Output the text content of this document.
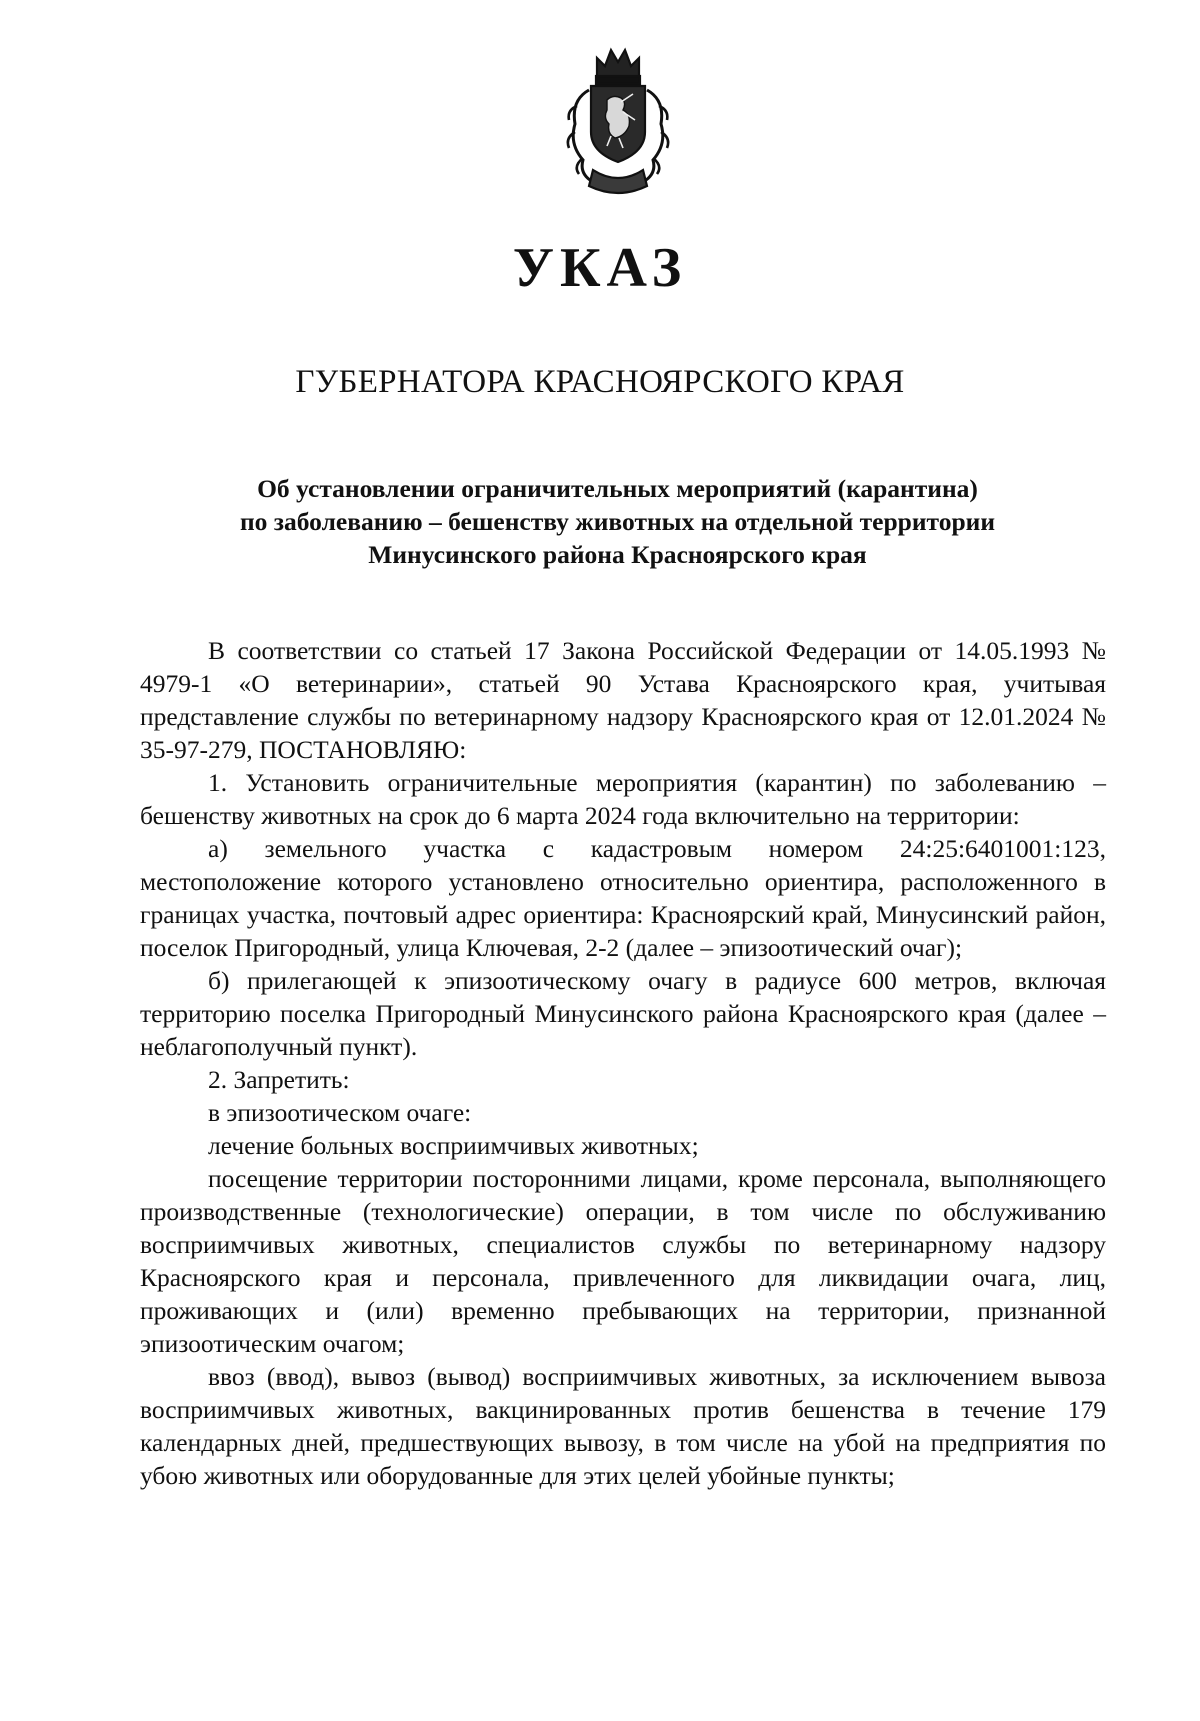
УКАЗ
ГУБЕРНАТОРА КРАСНОЯРСКОГО КРАЯ
Об установлении ограничительных мероприятий (карантина)
по заболеванию – бешенству животных на отдельной территории
Минусинского района Красноярского края

В соответствии со статьей 17 Закона Российской Федерации от 14.05.1993 № 4979-1 «О ветеринарии», статьей 90 Устава Красноярского края, учитывая представление службы по ветеринарному надзору Красноярского края от 12.01.2024 № 35-97-279, ПОСТАНОВЛЯЮ:

1. Установить ограничительные мероприятия (карантин) по заболеванию – бешенству животных на срок до 6 марта 2024 года включительно на территории:

а) земельного участка с кадастровым номером 24:25:6401001:123, местоположение которого установлено относительно ориентира, расположенного в границах участка, почтовый адрес ориентира: Красноярский край, Минусинский район, поселок Пригородный, улица Ключевая, 2-2 (далее – эпизоотический очаг);

б) прилегающей к эпизоотическому очагу в радиусе 600 метров, включая территорию поселка Пригородный Минусинского района Красноярского края (далее – неблагополучный пункт).

2. Запретить:

в эпизоотическом очаге:

лечение больных восприимчивых животных;

посещение территории посторонними лицами, кроме персонала, выполняющего производственные (технологические) операции, в том числе по обслуживанию восприимчивых животных, специалистов службы по ветеринарному надзору Красноярского края и персонала, привлеченного для ликвидации очага, лиц, проживающих и (или) временно пребывающих на территории, признанной эпизоотическим очагом;

ввоз (ввод), вывоз (вывод) восприимчивых животных, за исключением вывоза восприимчивых животных, вакцинированных против бешенства в течение 179 календарных дней, предшествующих вывозу, в том числе на убой на предприятия по убою животных или оборудованные для этих целей убойные пункты;
